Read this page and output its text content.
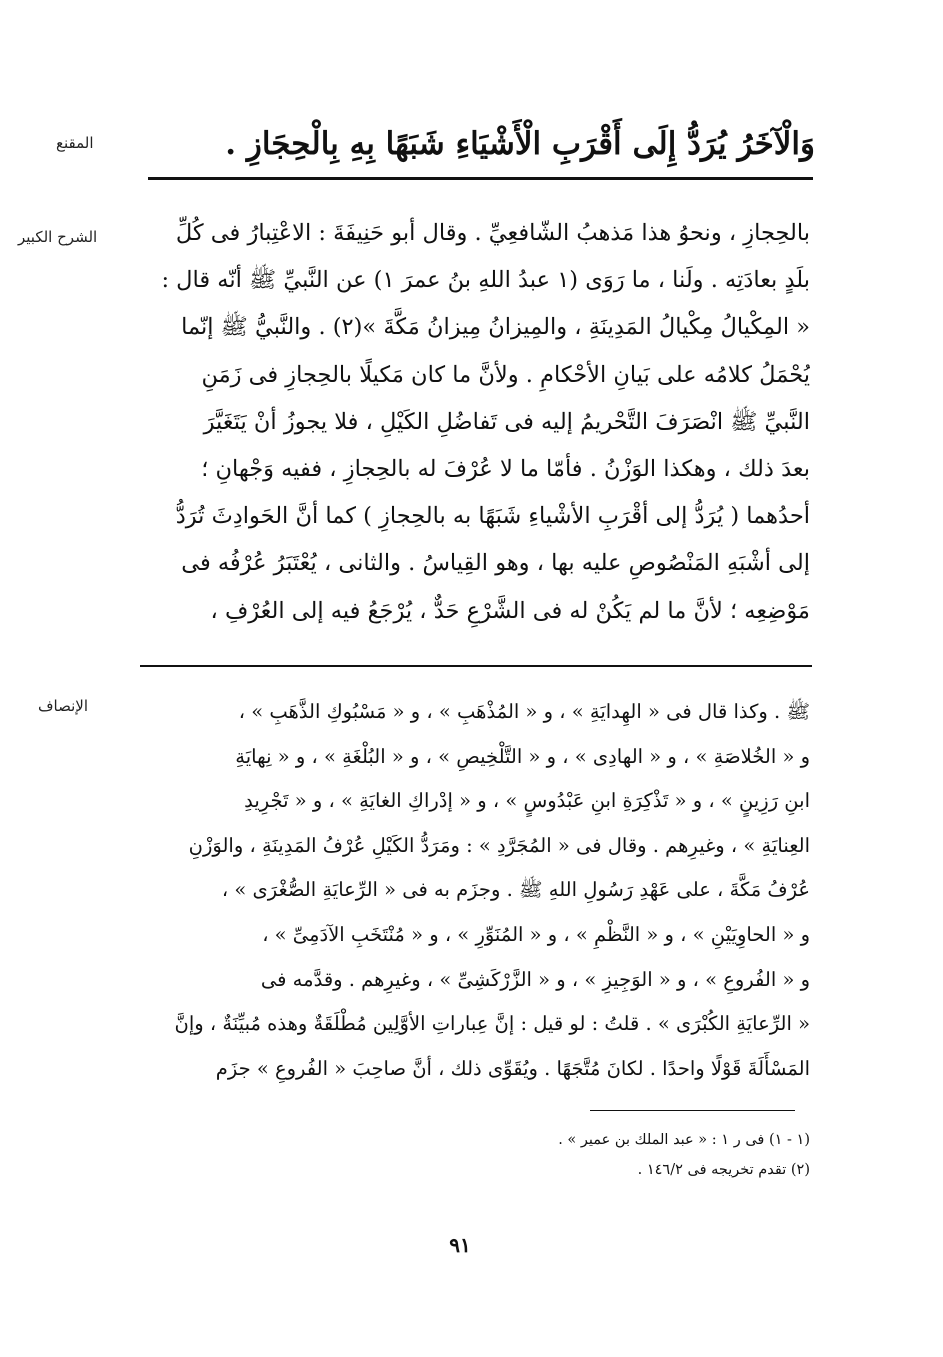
المقنع	وَالْآخَرُ يُرَدُّ إِلَى أَقْرَبِ الْأَشْيَاءِ شَبَهًا بِهِ بِالْحِجَازِ .
الشرح الكبير	بالحِجازِ ، ونحوُ هذا مَذهبُ الشّافعِيِّ . وقال أبو حَنِيفَةَ : الاعْتِبارُ فى كُلِّ
بلَدٍ بعادَتِه . ولَنا ، ما رَوَى (١ عبدُ اللهِ بنُ عمرَ ١) عن النَّبيِّ ﷺ أنّه قال :
« المِكْيالُ مِكْيالُ المَدِينَةِ ، والمِيزانُ مِيزانُ مَكَّةَ »(٢) . والنَّبيُّ ﷺ إنّما
يُحْمَلُ كلامُه على بَيانِ الأحْكامِ . ولأنَّ ما كان مَكيلًا بالحِجازِ فى زَمَنِ
النَّبيِّ ﷺ انْصَرَفَ التَّحْريمُ إليه فى تَفاضُلِ الكَيْلِ ، فلا يجوزُ أنْ يَتَغَيَّرَ
بعدَ ذلك ، وهكذا الوَزْنُ . فأمّا ما لا عُرْفَ له بالحِجازِ ، ففيه وَجْهانِ ؛
أحدُهما ( يُرَدُّ إلى أقْرَبِ الأشْياءِ شَبَهًا به بالحِجازِ ) كما أنَّ الحَوادِثَ تُرَدُّ
إلى أشْبَهِ المَنْصُوصِ عليه بها ، وهو القِياسُ . والثانى ، يُعْتَبَرُ عُرْفُه فى
مَوْضِعِه ؛ لأنَّ ما لم يَكُنْ له فى الشَّرْعِ حَدٌّ ، يُرْجَعُ فيه إلى العُرْفِ ،
الإنصاف	ﷺ . وكذا قال فى « الهِدايَةِ » ، و « المُذْهَبِ » ، و « مَسْبُوكِ الذَّهَبِ » ،
و « الخُلاصَةِ » ، و « الهادِى » ، و « التَّلْخِيصِ » ، و « البُلْغَةِ » ، و « نِهايَةِ
ابنِ رَزِينٍ » ، و « تَذْكِرَةِ ابنِ عَبْدُوسٍ » ، و « إدْراكِ الغايَةِ » ، و « تَجْرِيدِ
العِنايَةِ » ، وغيرِهم . وقال فى « المُجَرَّدِ » : ومَرَدُّ الكَيْلِ عُرْفُ المَدِينَةِ ، والوَزْنِ
عُرْفُ مَكَّةَ ، على عَهْدِ رَسُولِ اللهِ ﷺ . وجزَم به فى « الرِّعايَةِ الصُّغْرَى » ،
و « الحاوِيَيْنِ » ، و « النَّظْمِ » ، و « المُنَوِّرِ » ، و « مُنْتَخَبِ الآدَمِىِّ » ،
و « الفُروعِ » ، و « الوَجِيزِ » ، و « الزَّرْكَشِىِّ » ، وغيرِهم . وقدَّمه فى
« الرِّعايَةِ الكُبْرَى » . قلتُ : لو قيل : إنَّ عِباراتِ الأوَّلِين مُطْلَقَةٌ وهذه مُبيِّنَةٌ ، وإنَّ
المَسْأَلَةَ قَوْلًا واحدًا . لكانَ مُتَّجَهًا . ويُقَوِّى ذلك ، أنَّ صاحِبَ « الفُروعِ » جزَم
(١ - ١) فى ر ١ : « عبد الملك بن عمير » .
(٢) تقدم تخريجه فى ١٤٦/٢ .
٩١
